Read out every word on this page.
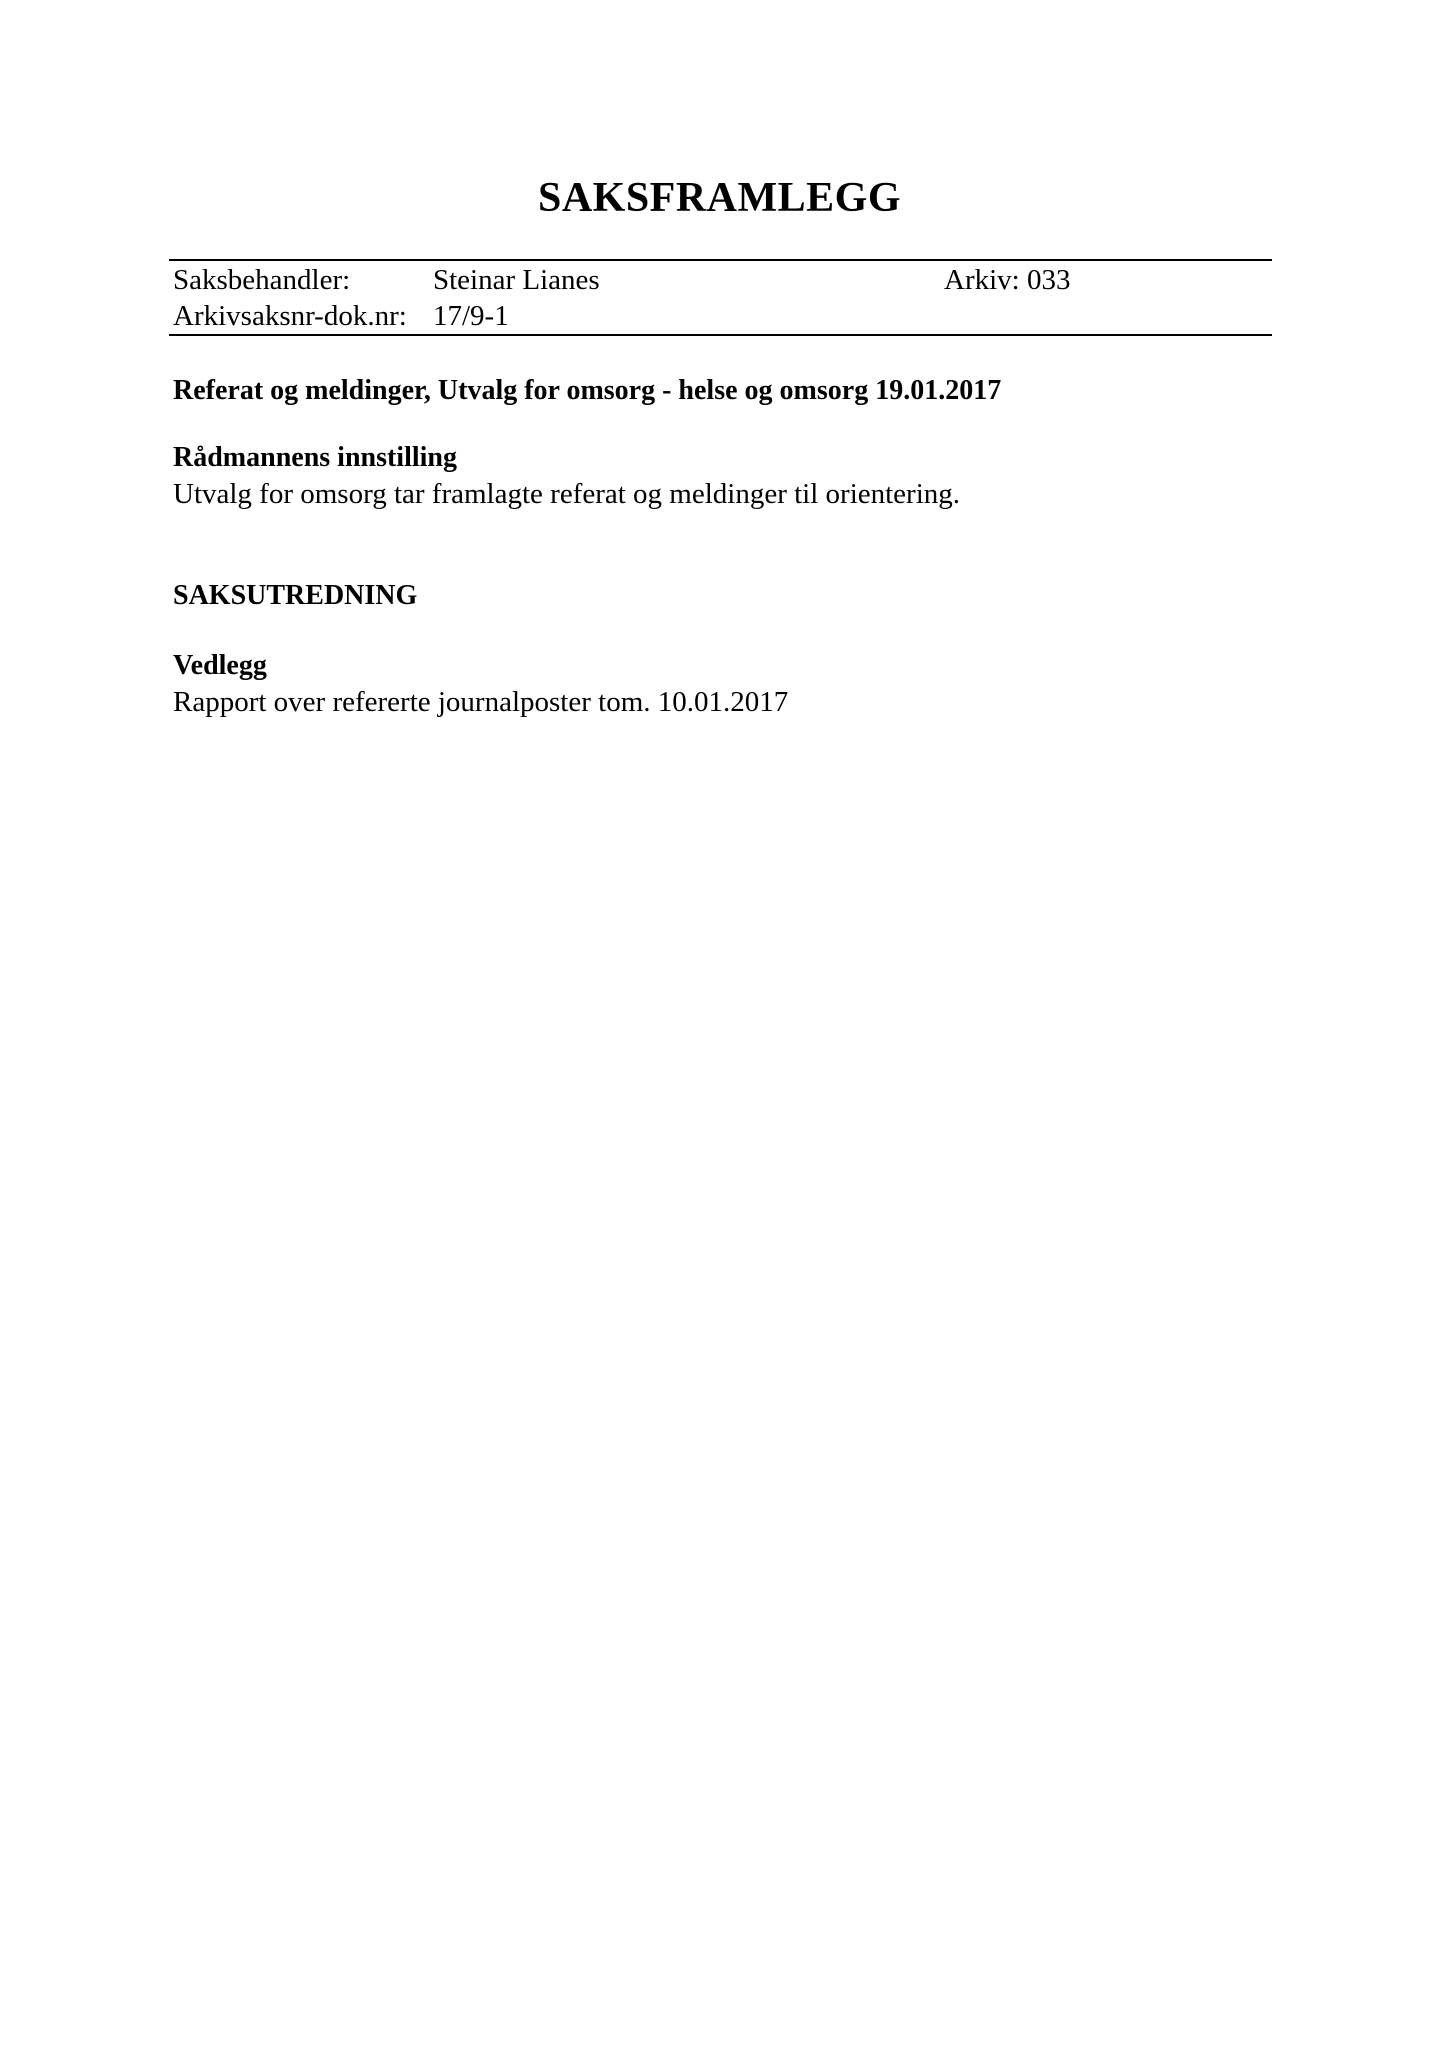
SAKSFRAMLEGG
Saksbehandler:	Steinar Lianes	Arkiv: 033
Arkivsaksnr-dok.nr: 17/9-1
Referat og meldinger, Utvalg for omsorg - helse og omsorg 19.01.2017
Rådmannens innstilling
Utvalg for omsorg tar framlagte referat og meldinger til orientering.
SAKSUTREDNING
Vedlegg
Rapport over refererte journalposter tom. 10.01.2017
